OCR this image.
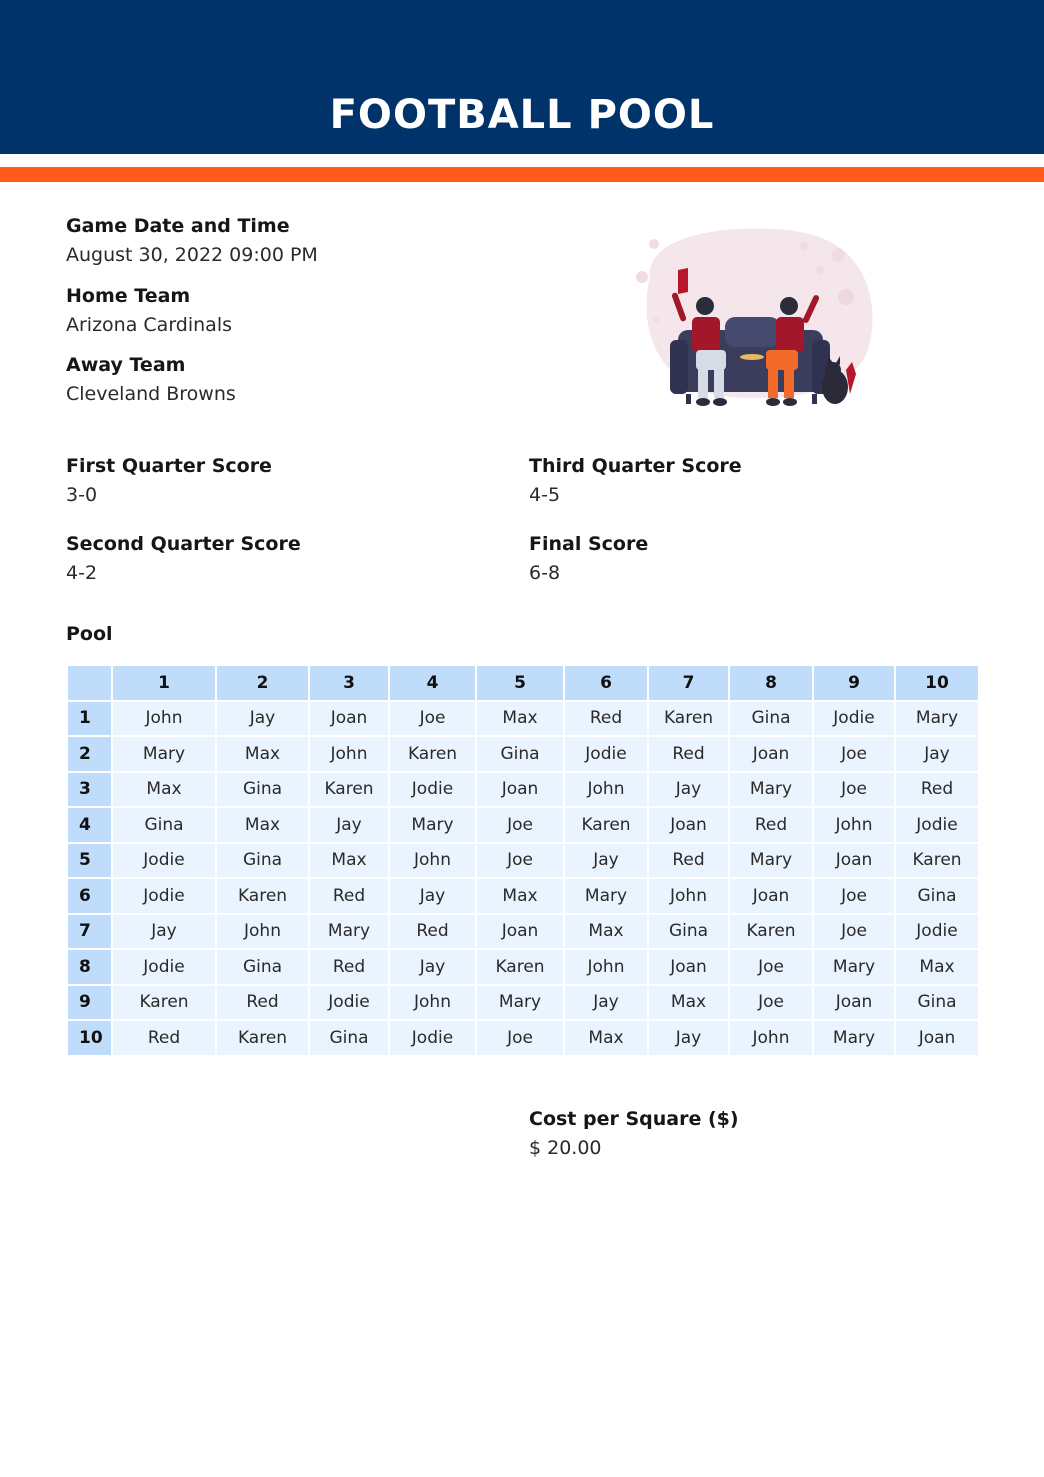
FOOTBALL POOL
Game Date and Time
August 30, 2022 09:00 PM
Home Team
Arizona Cardinals
Away Team
Cleveland Browns
First Quarter Score
3-0
Third Quarter Score
4-5
Second Quarter Score
4-2
Final Score
6-8
Pool
	1	2	3	4	5	6	7	8	9	10
1	John	Jay	Joan	Joe	Max	Red	Karen	Gina	Jodie	Mary
2	Mary	Max	John	Karen	Gina	Jodie	Red	Joan	Joe	Jay
3	Max	Gina	Karen	Jodie	Joan	John	Jay	Mary	Joe	Red
4	Gina	Max	Jay	Mary	Joe	Karen	Joan	Red	John	Jodie
5	Jodie	Gina	Max	John	Joe	Jay	Red	Mary	Joan	Karen
6	Jodie	Karen	Red	Jay	Max	Mary	John	Joan	Joe	Gina
7	Jay	John	Mary	Red	Joan	Max	Gina	Karen	Joe	Jodie
8	Jodie	Gina	Red	Jay	Karen	John	Joan	Joe	Mary	Max
9	Karen	Red	Jodie	John	Mary	Jay	Max	Joe	Joan	Gina
10	Red	Karen	Gina	Jodie	Joe	Max	Jay	John	Mary	Joan
Cost per Square ($)
$ 20.00
